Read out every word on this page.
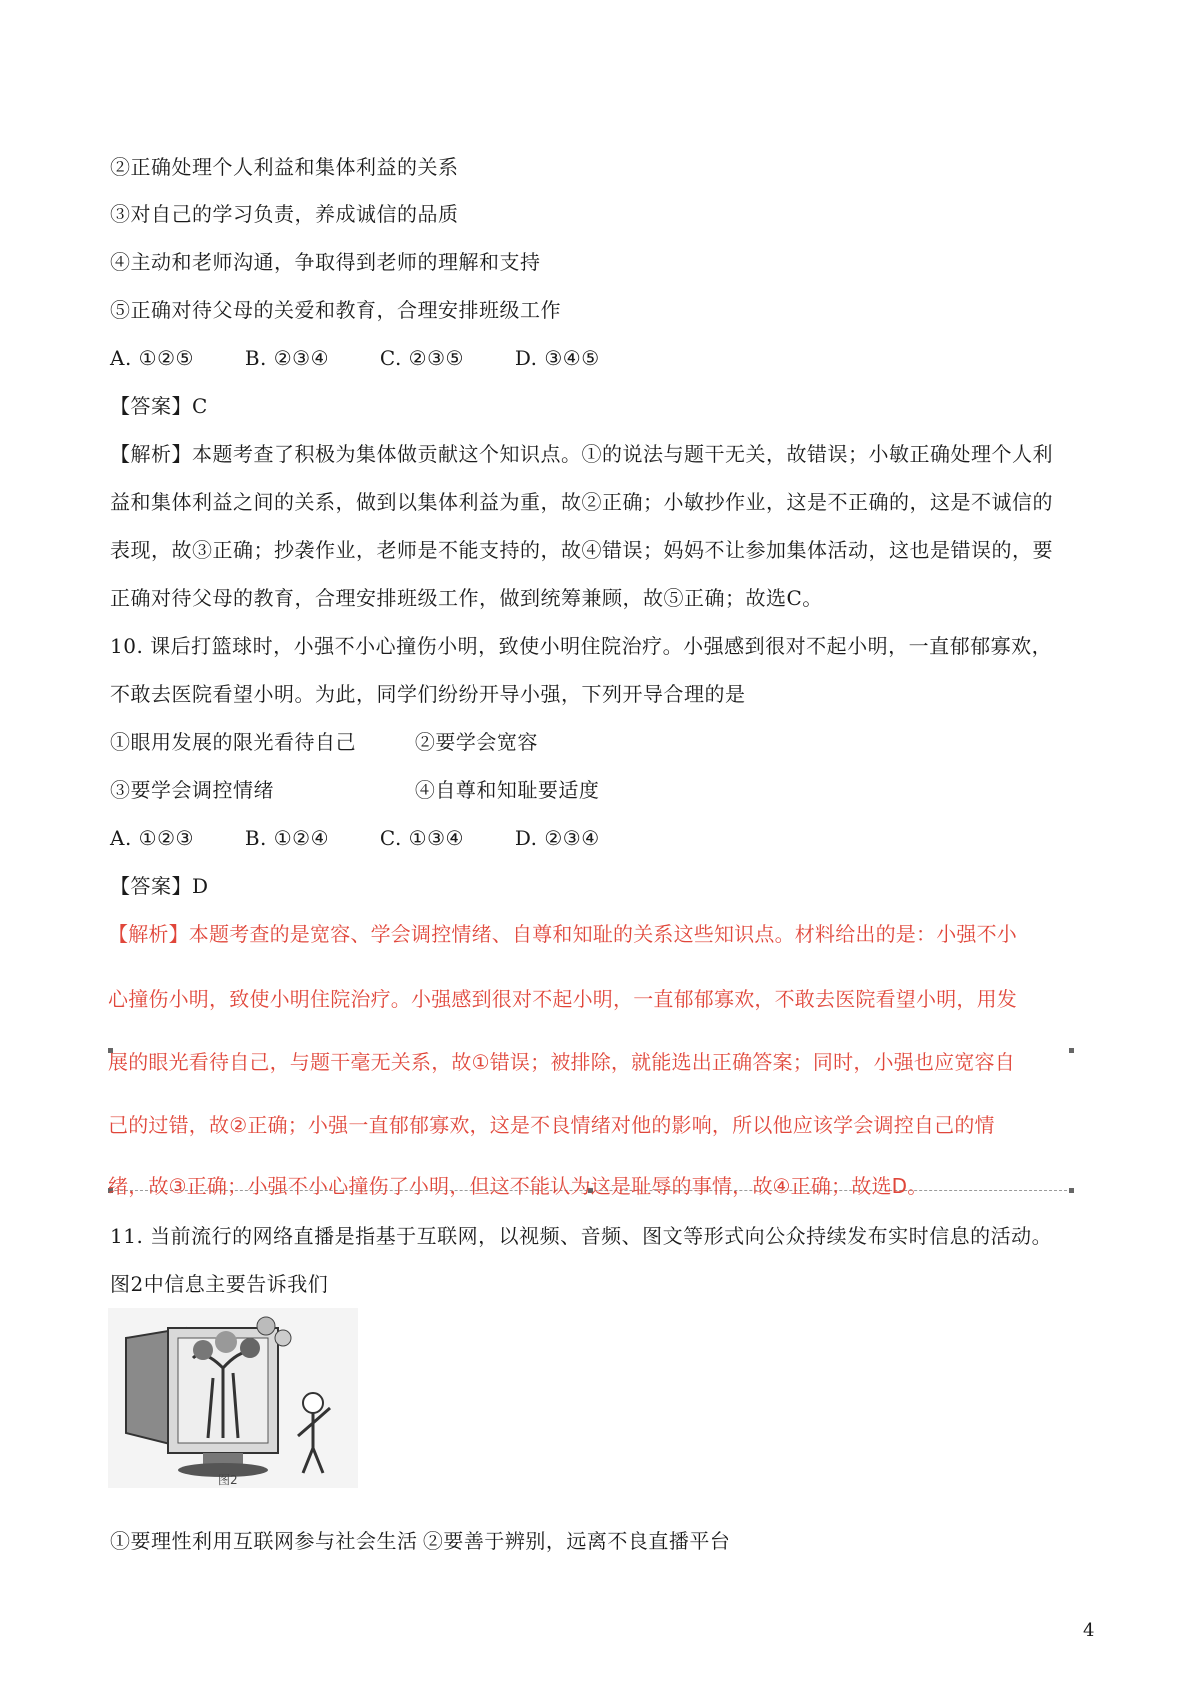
②正确处理个人利益和集体利益的关系
③对自己的学习负责，养成诚信的品质
④主动和老师沟通，争取得到老师的理解和支持
⑤正确对待父母的关爱和教育，合理安排班级工作
A. ①②⑤	B. ②③④	C. ②③⑤	D. ③④⑤
【答案】C
【解析】本题考查了积极为集体做贡献这个知识点。①的说法与题干无关，故错误；小敏正确处理个人利
益和集体利益之间的关系，做到以集体利益为重，故②正确；小敏抄作业，这是不正确的，这是不诚信的
表现，故③正确；抄袭作业，老师是不能支持的，故④错误；妈妈不让参加集体活动，这也是错误的，要
正确对待父母的教育，合理安排班级工作，做到统筹兼顾，故⑤正确；故选C。
10. 课后打篮球时，小强不小心撞伤小明，致使小明住院治疗。小强感到很对不起小明，一直郁郁寡欢，
不敢去医院看望小明。为此，同学们纷纷开导小强，下列开导合理的是
①眼用发展的限光看待自己	②要学会宽容
③要学会调控情绪	④自尊和知耻要适度
A. ①②③	B. ①②④	C. ①③④	D. ②③④
【答案】D
【解析】本题考查的是宽容、学会调控情绪、自尊和知耻的关系这些知识点。材料给出的是：小强不小
心撞伤小明，致使小明住院治疗。小强感到很对不起小明，一直郁郁寡欢，不敢去医院看望小明，用发
展的眼光看待自己，与题干毫无关系，故①错误；被排除，就能选出正确答案；同时，小强也应宽容自
己的过错，故②正确；小强一直郁郁寡欢，这是不良情绪对他的影响，所以他应该学会调控自己的情
绪，故③正确；小强不小心撞伤了小明，但这不能认为这是耻辱的事情，故④正确；故选D。
11. 当前流行的网络直播是指基于互联网，以视频、音频、图文等形式向公众持续发布实时信息的活动。
图2中信息主要告诉我们
图2
①要理性利用互联网参与社会生活 ②要善于辨别，远离不良直播平台
4
